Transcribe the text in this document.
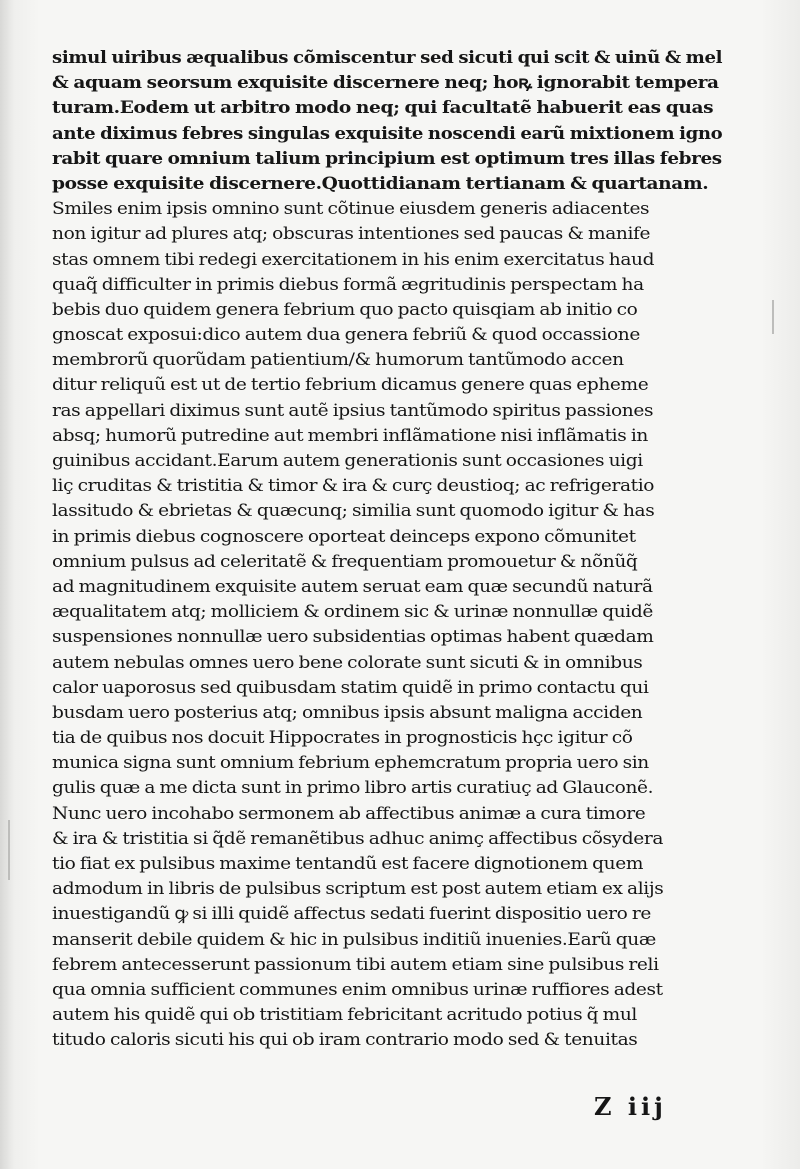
simul uiribus æqualibus cõmiscentur sed sicuti qui scit & uinũ & mel
& aquam seorsum exquisite discernere neq; hoꝶ ignorabit tempera
turam.Eodem ut arbitro modo neq; qui facultatẽ habuerit eas quas
ante diximus febres singulas exquisite noscendi earũ mixtionem igno
rabit quare omnium talium principium est optimum tres illas febres
posse exquisite discernere.Quottidianam tertianam & quartanam.
Smiles enim ipsis omnino sunt cõtinue eiusdem generis adiacentes
non igitur ad plures atq; obscuras intentiones sed paucas & manife
stas omnem tibi redegi exercitationem in his enim exercitatus haud
quaq̃ difficulter in primis diebus formã ægritudinis perspectam ha
bebis duo quidem genera febrium quo pacto quisqiam ab initio co
gnoscat exposui:dico autem dua genera febriũ & quod occassione
membrorũ quorũdam patientium/& humorum tantũmodo accen
ditur reliquũ est ut de tertio febrium dicamus genere quas epheme
ras appellari diximus sunt autẽ ipsius tantũmodo spiritus passiones
absq; humorũ putredine aut membri inflãmatione nisi inflãmatis in
guinibus accidant.Earum autem generationis sunt occasiones uigi
liç cruditas & tristitia & timor & ira & curç deustioq; ac refrigeratio
lassitudo & ebrietas & quæcunq; similia sunt quomodo igitur & has
in primis diebus cognoscere oporteat deinceps expono cõmunitet
omnium pulsus ad celeritatẽ & frequentiam promouetur & nõnũq̃
ad magnitudinem exquisite autem seruat eam quæ secundũ naturã
æqualitatem atq; molliciem & ordinem sic & urinæ nonnullæ quidẽ
suspensiones nonnullæ uero subsidentias optimas habent quædam
autem nebulas omnes uero bene colorate sunt sicuti & in omnibus
calor uaporosus sed quibusdam statim quidẽ in primo contactu qui
busdam uero posterius atq; omnibus ipsis absunt maligna acciden
tia de quibus nos docuit Hippocrates in prognosticis hçc igitur cõ
munica signa sunt omnium febrium ephemcratum propria uero sin
gulis quæ a me dicta sunt in primo libro artis curatiuç ad Glauconẽ.
Nunc uero incohabo sermonem ab affectibus animæ a cura timore
& ira & tristitia si q̃dẽ remanẽtibus adhuc animç affectibus cõsydera
tio fiat ex pulsibus maxime tentandũ est facere dignotionem quem
admodum in libris de pulsibus scriptum est post autem etiam ex alijs
inuestigandũ ꝙ si illi quidẽ affectus sedati fuerint dispositio uero re
manserit debile quidem & hic in pulsibus inditiũ inuenies.Earũ quæ
febrem antecesserunt passionum tibi autem etiam sine pulsibus reli
qua omnia sufficient communes enim omnibus urinæ ruffiores adest
autem his quidẽ qui ob tristitiam febricitant acritudo potius q̃ mul
titudo caloris sicuti his qui ob iram contrario modo sed & tenuitas
Z iij
